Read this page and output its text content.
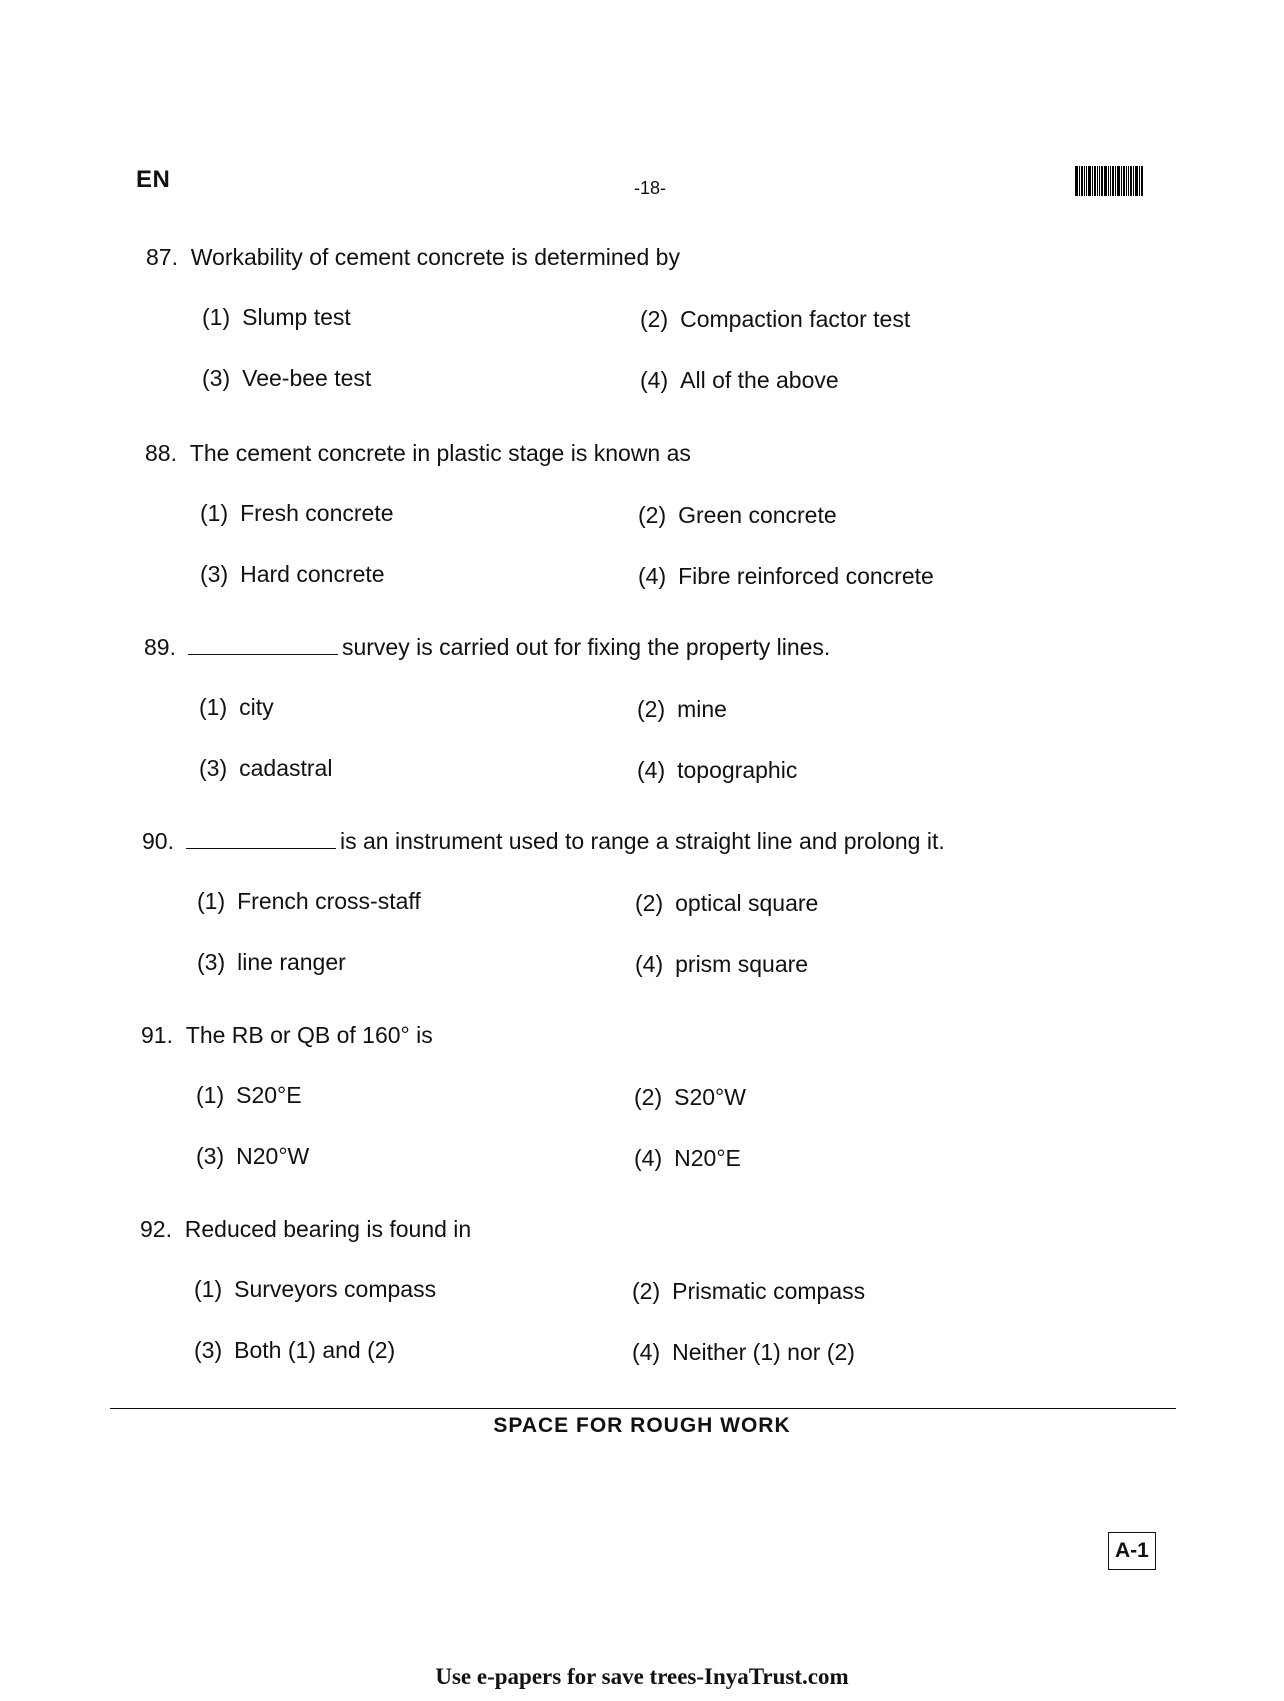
EN	-18-
87. Workability of cement concrete is determined by
(1) Slump test	(2) Compaction factor test
(3) Vee-bee test	(4) All of the above
88. The cement concrete in plastic stage is known as
(1) Fresh concrete	(2) Green concrete
(3) Hard concrete	(4) Fibre reinforced concrete
89.	survey is carried out for fixing the property lines.
(1) city	(2) mine
(3) cadastral	(4) topographic
90.	is an instrument used to range a straight line and prolong it.
(1) French cross-staff	(2) optical square
(3) line ranger	(4) prism square
91. The RB or QB of 160° is
(1) S20°E	(2) S20°W
(3) N20°W	(4) N20°E
92. Reduced bearing is found in
(1) Surveyors compass	(2) Prismatic compass
(3) Both (1) and (2)	(4) Neither (1) nor (2)
SPACE FOR ROUGH WORK
A-1
Use e-papers for save trees-InyaTrust.com
